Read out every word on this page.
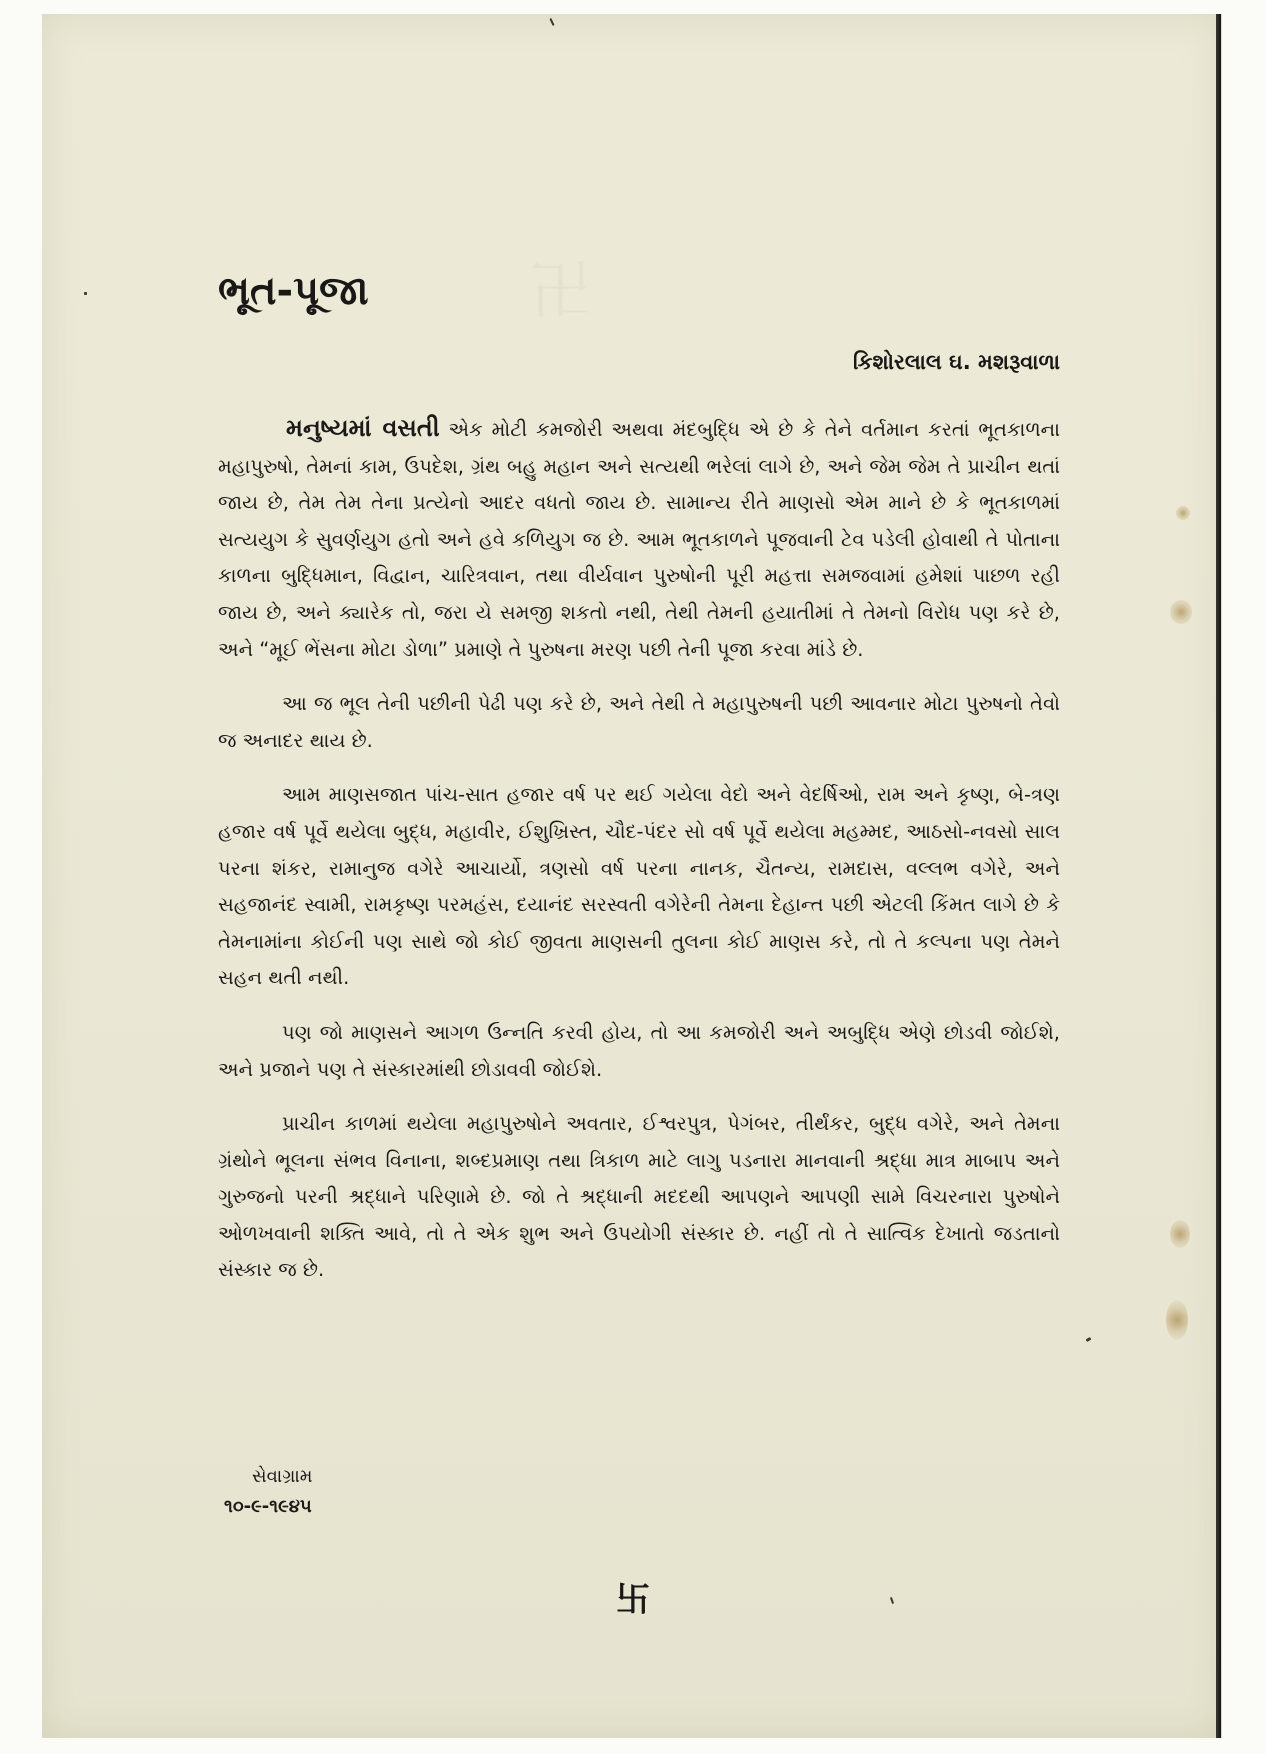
卐
ભૂત-પૂજા
કિશોરલાલ ઘ. મશરૂવાળા

મનુષ્યમાં વસતી એક મોટી કમજોરી અથવા મંદબુદ્ધિ એ છે કે તેને વર્તમાન કરતાં ભૂતકાળના મહાપુરુષો, તેમનાં કામ, ઉપદેશ, ગ્રંથ બહુ મહાન અને સત્યથી ભરેલાં લાગે છે, અને જેમ જેમ તે પ્રાચીન થતાં જાય છે, તેમ તેમ તેના પ્રત્યેનો આદર વધતો જાય છે. સામાન્ય રીતે માણસો એમ માને છે કે ભૂતકાળમાં સત્યયુગ કે સુવર્ણયુગ હતો અને હવે કળિયુગ જ છે. આમ ભૂતકાળને પૂજવાની ટેવ પડેલી હોવાથી તે પોતાના કાળના બુદ્ધિમાન, વિદ્વાન, ચારિત્રવાન, તથા વીર્યવાન પુરુષોની પૂરી મહત્તા સમજવામાં હમેશાં પાછળ રહી જાય છે, અને ક્યારેક તો, જરા યે સમજી શકતો નથી, તેથી તેમની હયાતીમાં તે તેમનો વિરોધ પણ કરે છે, અને “મૂઈ ભેંસના મોટા ડોળા” પ્રમાણે તે પુરુષના મરણ પછી તેની પૂજા કરવા માંડે છે.

આ જ ભૂલ તેની પછીની પેઢી પણ કરે છે, અને તેથી તે મહાપુરુષની પછી આવનાર મોટા પુરુષનો તેવો જ અનાદર થાય છે.

આમ માણસજાત પાંચ-સાત હજાર વર્ષ પર થઈ ગયેલા વેદો અને વેદર્ષિઓ, રામ અને કૃષ્ણ, બે-ત્રણ હજાર વર્ષ પૂર્વે થયેલા બુદ્ધ, મહાવીર, ઈશુખ્રિસ્ત, ચૌદ-પંદર સો વર્ષ પૂર્વે થયેલા મહમ્મદ, આઠસો-નવસો સાલ પરના શંકર, રામાનુજ વગેરે આચાર્યો, ત્રણસો વર્ષ પરના નાનક, ચૈતન્ય, રામદાસ, વલ્લભ વગેરે, અને સહજાનંદ સ્વામી, રામકૃષ્ણ પરમહંસ, દયાનંદ સરસ્વતી વગેરેની તેમના દેહાન્ત પછી એટલી કિંમત લાગે છે કે તેમનામાંના કોઈની પણ સાથે જો કોઈ જીવતા માણસની તુલના કોઈ માણસ કરે, તો તે કલ્પના પણ તેમને સહન થતી નથી.

પણ જો માણસને આગળ ઉન્નતિ કરવી હોય, તો આ કમજોરી અને અબુદ્ધિ એણે છોડવી જોઈશે, અને પ્રજાને પણ તે સંસ્કારમાંથી છોડાવવી જોઈશે.

પ્રાચીન કાળમાં થયેલા મહાપુરુષોને અવતાર, ઈશ્વરપુત્ર, પેગંબર, તીર્થંકર, બુદ્ધ વગેરે, અને તેમના ગ્રંથોને ભૂલના સંભવ વિનાના, શબ્દપ્રમાણ તથા ત્રિકાળ માટે લાગુ પડનારા માનવાની શ્રદ્ધા માત્ર માબાપ અને ગુરુજનો પરની શ્રદ્ધાને પરિણામે છે. જો તે શ્રદ્ધાની મદદથી આપણને આપણી સામે વિચરનારા પુરુષોને ઓળખવાની શક્તિ આવે, તો તે એક શુભ અને ઉપયોગી સંસ્કાર છે. નહીં તો તે સાત્વિક દેખાતો જડતાનો સંસ્કાર જ છે.

સેવાગ્રામ
૧૦-૯-૧૯૪૫
卐
